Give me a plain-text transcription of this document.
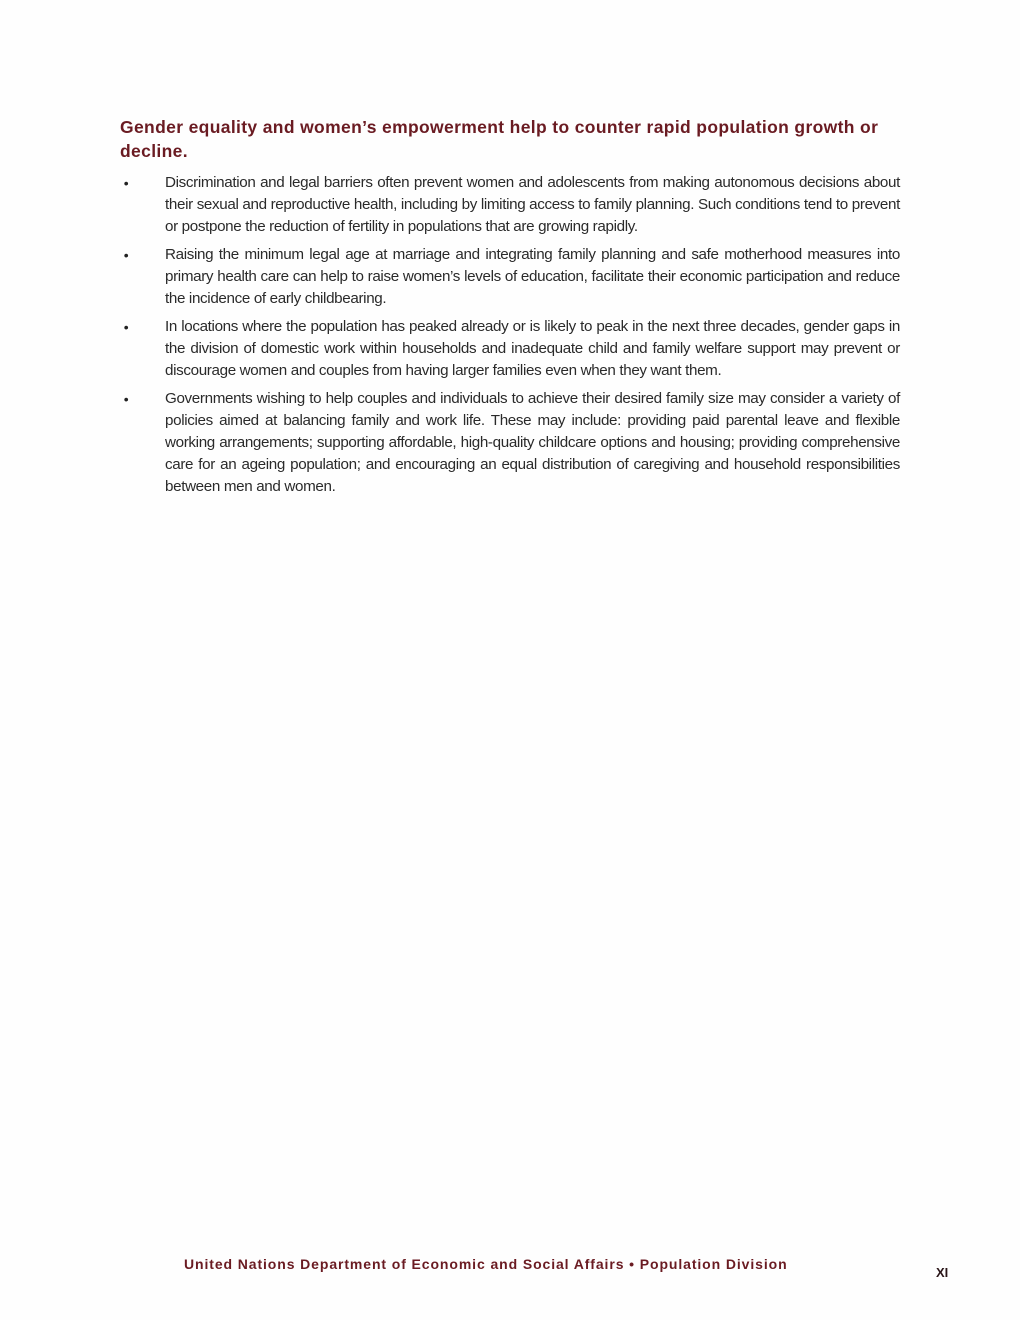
Gender equality and women’s empowerment help to counter rapid population growth or decline.
• Discrimination and legal barriers often prevent women and adolescents from making autonomous decisions about their sexual and reproductive health, including by limiting access to family planning. Such conditions tend to prevent or postpone the reduction of fertility in populations that are growing rapidly.
• Raising the minimum legal age at marriage and integrating family planning and safe motherhood measures into primary health care can help to raise women’s levels of education, facilitate their economic participation and reduce the incidence of early childbearing.
• In locations where the population has peaked already or is likely to peak in the next three decades, gender gaps in the division of domestic work within households and inadequate child and family welfare support may prevent or discourage women and couples from having larger families even when they want them.
• Governments wishing to help couples and individuals to achieve their desired family size may consider a variety of policies aimed at balancing family and work life. These may include: providing paid parental leave and flexible working arrangements; supporting affordable, high-quality childcare options and housing; providing comprehensive care for an ageing population; and encouraging an equal distribution of caregiving and household responsibilities between men and women.
United Nations Department of Economic and Social Affairs • Population Division
XI
